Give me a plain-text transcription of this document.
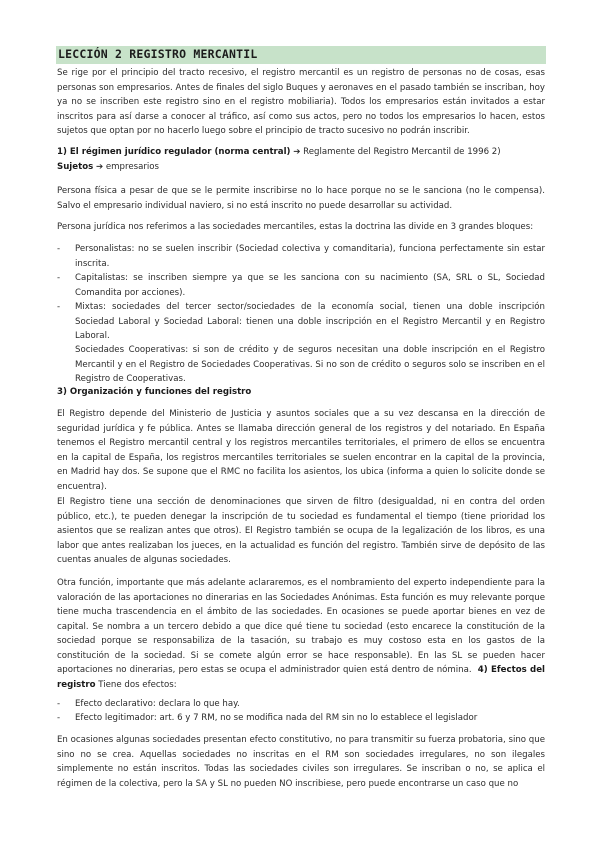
LECCIÓN 2 REGISTRO MERCANTIL

Se rige por el principio del tracto recesivo, el registro mercantil es un registro de personas no de cosas, esas personas son empresarios. Antes de finales del siglo Buques y aeronaves en el pasado también se inscriban, hoy ya no se inscriben este registro sino en el registro mobiliaria). Todos los empresarios están invitados a estar inscritos para así darse a conocer al tráfico, así como sus actos, pero no todos los empresarios lo hacen, estos sujetos que optan por no hacerlo luego sobre el principio de tracto sucesivo no podrán inscribir.

1) El régimen jurídico regulador (norma central) ➔ Reglamente del Registro Mercantil de 1996 2)
Sujetos ➔ empresarios

Persona física a pesar de que se le permite inscribirse no lo hace porque no se le sanciona (no le compensa). Salvo el empresario individual naviero, si no está inscrito no puede desarrollar su actividad.

Persona jurídica nos referimos a las sociedades mercantiles, estas la doctrina las divide en 3 grandes bloques:

- Personalistas: no se suelen inscribir (Sociedad colectiva y comanditaria), funciona perfectamente sin estar inscrita.
- Capitalistas: se inscriben siempre ya que se les sanciona con su nacimiento (SA, SRL o SL, Sociedad Comandita por acciones).
- Mixtas: sociedades del tercer sector/sociedades de la economía social, tienen una doble inscripción Sociedad Laboral y Sociedad Laboral: tienen una doble inscripción en el Registro Mercantil y en Registro Laboral.
Sociedades Cooperativas: si son de crédito y de seguros necesitan una doble inscripción en el Registro Mercantil y en el Registro de Sociedades Cooperativas. Si no son de crédito o seguros solo se inscriben en el Registro de Cooperativas.
3) Organización y funciones del registro

El Registro depende del Ministerio de Justicia y asuntos sociales que a su vez descansa en la dirección de seguridad jurídica y fe pública. Antes se llamaba dirección general de los registros y del notariado. En España tenemos el Registro mercantil central y los registros mercantiles territoriales, el primero de ellos se encuentra en la capital de España, los registros mercantiles territoriales se suelen encontrar en la capital de la provincia, en Madrid hay dos. Se supone que el RMC no facilita los asientos, los ubica (informa a quien lo solicite donde se encuentra).

El Registro tiene una sección de denominaciones que sirven de filtro (desigualdad, ni en contra del orden público, etc.), te pueden denegar la inscripción de tu sociedad es fundamental el tiempo (tiene prioridad los asientos que se realizan antes que otros). El Registro también se ocupa de la legalización de los libros, es una labor que antes realizaban los jueces, en la actualidad es función del registro. También sirve de depósito de las cuentas anuales de algunas sociedades.

Otra función, importante que más adelante aclararemos, es el nombramiento del experto independiente para la valoración de las aportaciones no dinerarias en las Sociedades Anónimas. Esta función es muy relevante porque tiene mucha trascendencia en el ámbito de las sociedades. En ocasiones se puede aportar bienes en vez de capital. Se nombra a un tercero debido a que dice qué tiene tu sociedad (esto encarece la constitución de la sociedad porque se responsabiliza de la tasación, su trabajo es muy costoso esta en los gastos de la constitución de la sociedad. Si se comete algún error se hace responsable). En las SL se pueden hacer aportaciones no dinerarias, pero estas se ocupa el administrador quien está dentro de nómina. 4) Efectos del registro Tiene dos efectos:

- Efecto declarativo: declara lo que hay.
- Efecto legitimador: art. 6 y 7 RM, no se modifica nada del RM sin no lo establece el legislador

En ocasiones algunas sociedades presentan efecto constitutivo, no para transmitir su fuerza probatoria, sino que sino no se crea. Aquellas sociedades no inscritas en el RM son sociedades irregulares, no son ilegales simplemente no están inscritos. Todas las sociedades civiles son irregulares. Se inscriban o no, se aplica el régimen de la colectiva, pero la SA y SL no pueden NO inscribiese, pero puede encontrarse un caso que no
